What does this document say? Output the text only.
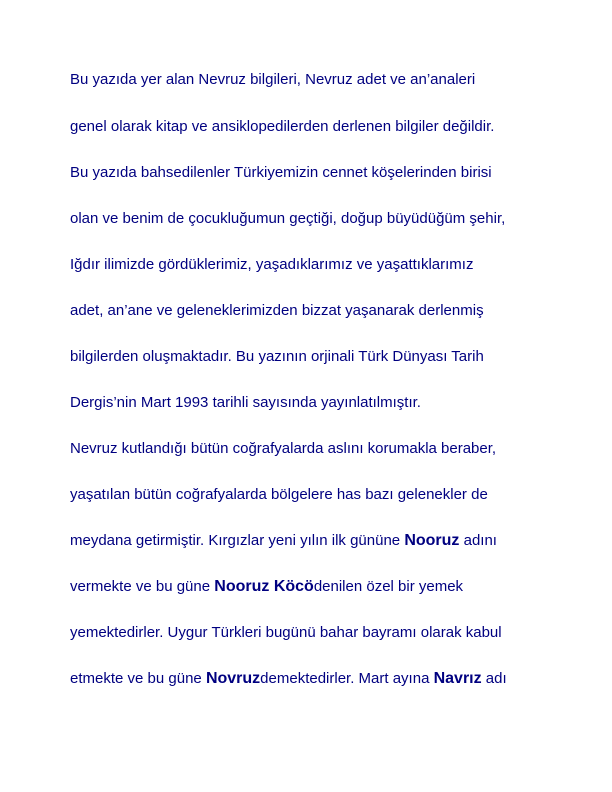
Bu yazıda yer alan Nevruz bilgileri, Nevruz adet ve an’analeri
genel olarak kitap ve ansiklopedilerden derlenen bilgiler değildir.
Bu yazıda bahsedilenler Türkiyemizin cennet köşelerinden birisi
olan ve benim de çocukluğumun geçtiği, doğup büyüdüğüm şehir,
Iğdır ilimizde gördüklerimiz, yaşadıklarımız ve yaşattıklarımız
adet, an’ane ve geleneklerimizden bizzat yaşanarak derlenmiş
bilgilerden oluşmaktadır. Bu yazının orjinali Türk Dünyası Tarih
Dergis’nin Mart 1993 tarihli sayısında yayınlatılmıştır.
Nevruz kutlandığı bütün coğrafyalarda aslını korumakla beraber,
yaşatılan bütün coğrafyalarda bölgelere has bazı gelenekler de
meydana getirmiştir. Kırgızlar yeni yılın ilk gününe Nooruz adını
vermekte ve bu güne Nooruz Köcödenilen özel bir yemek
yemektedirler. Uygur Türkleri bugünü bahar bayramı olarak kabul
etmekte ve bu güne Novruzdemektedirler. Mart ayına Navrız adı
